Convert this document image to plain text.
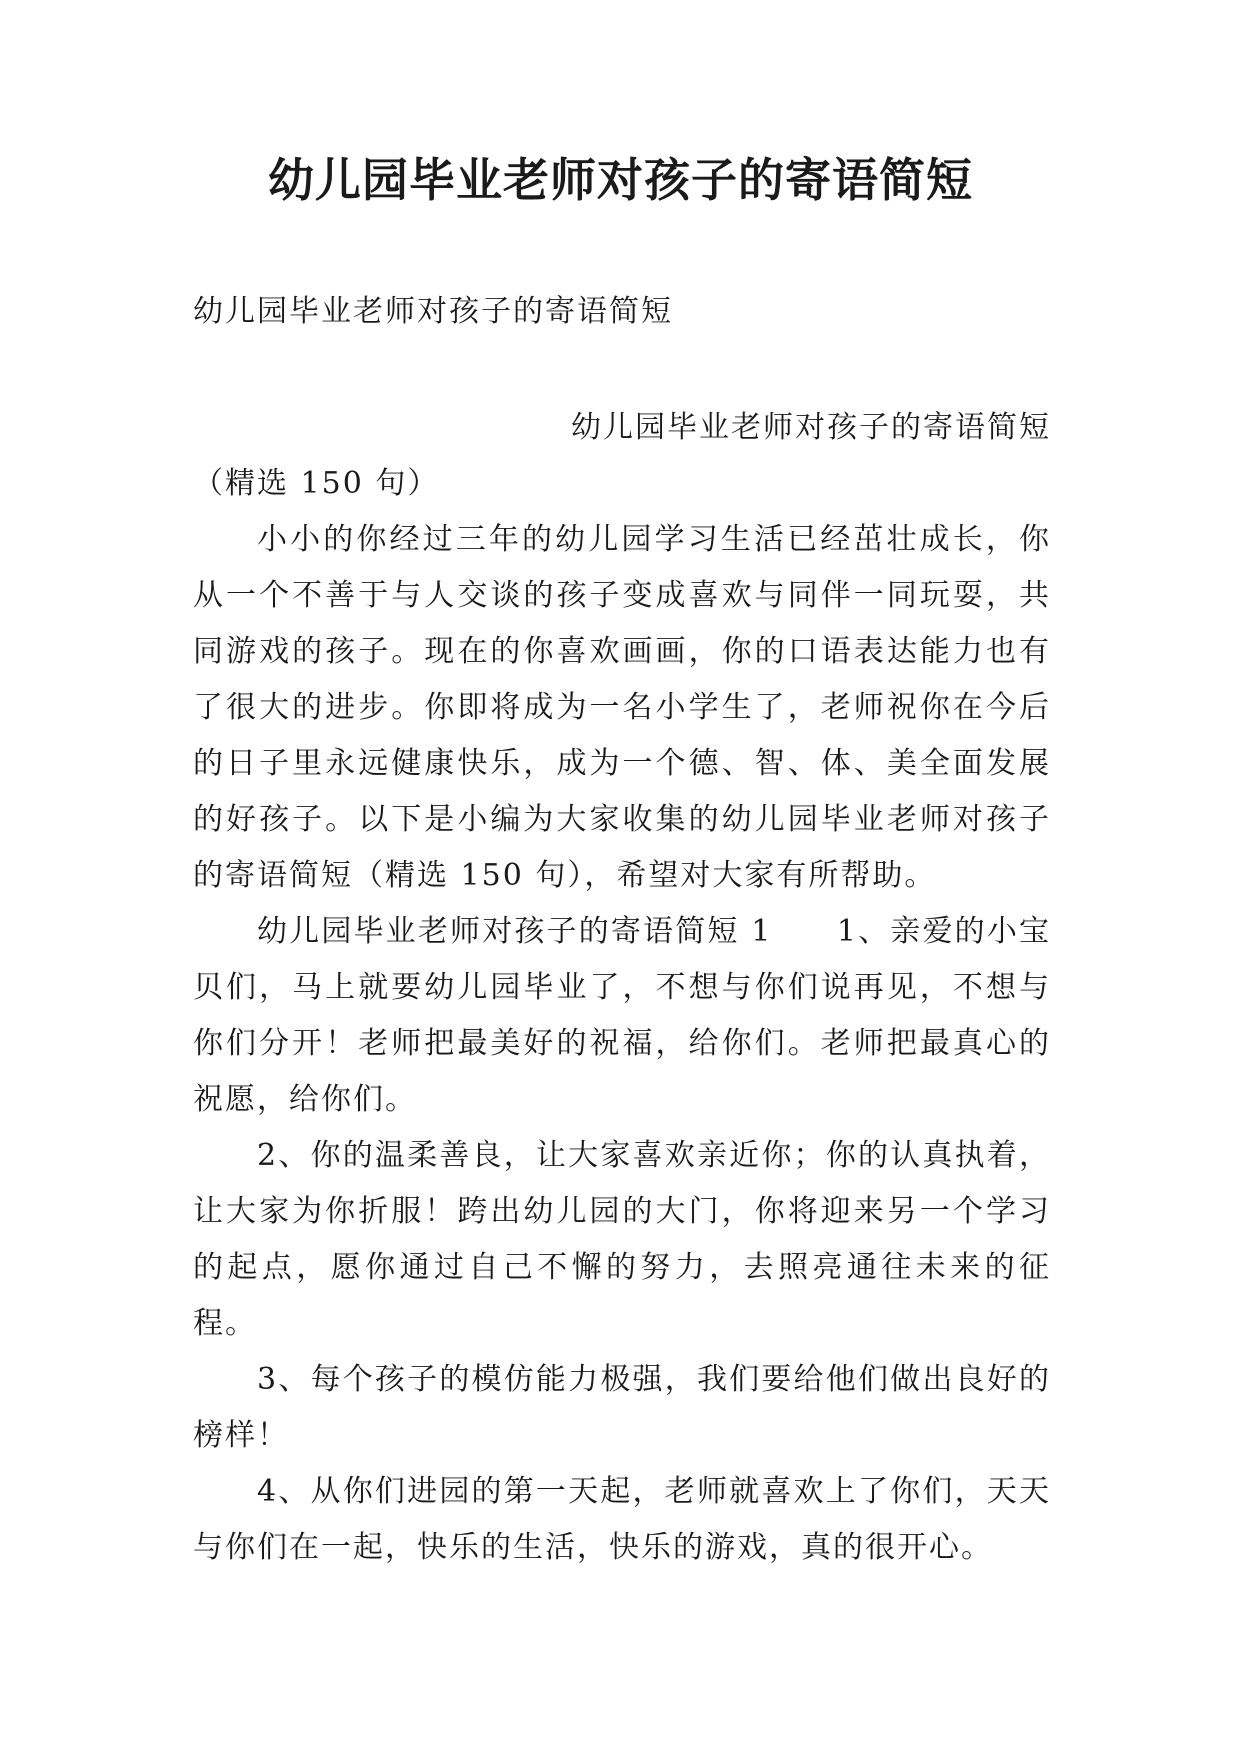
幼儿园毕业老师对孩子的寄语简短
幼儿园毕业老师对孩子的寄语简短

幼儿园毕业老师对孩子的寄语简短

（精选 150 句）

小小的你经过三年的幼儿园学习生活已经茁壮成长，你从一个不善于与人交谈的孩子变成喜欢与同伴一同玩耍，共同游戏的孩子。现在的你喜欢画画，你的口语表达能力也有了很大的进步。你即将成为一名小学生了，老师祝你在今后的日子里永远健康快乐，成为一个德、智、体、美全面发展的好孩子。以下是小编为大家收集的幼儿园毕业老师对孩子的寄语简短（精选 150 句），希望对大家有所帮助。

幼儿园毕业老师对孩子的寄语简短 1　　1、亲爱的小宝贝们，马上就要幼儿园毕业了，不想与你们说再见，不想与你们分开！老师把最美好的祝福，给你们。老师把最真心的祝愿，给你们。

2、你的温柔善良，让大家喜欢亲近你；你的认真执着，让大家为你折服！跨出幼儿园的大门，你将迎来另一个学习的起点，愿你通过自己不懈的努力，去照亮通往未来的征程。

3、每个孩子的模仿能力极强，我们要给他们做出良好的榜样！

4、从你们进园的第一天起，老师就喜欢上了你们，天天与你们在一起，快乐的生活，快乐的游戏，真的很开心。
